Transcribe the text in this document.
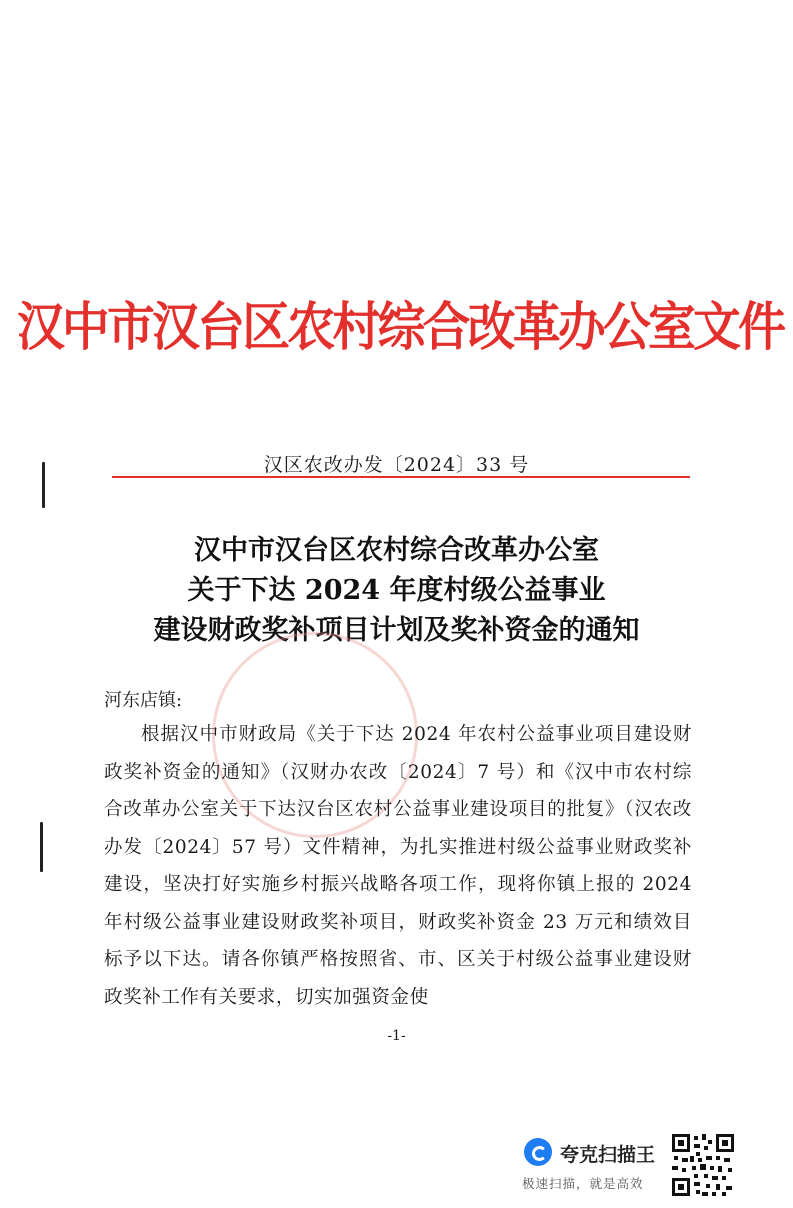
汉中市汉台区农村综合改革办公室文件
汉区农改办发〔2024〕33 号
汉中市汉台区农村综合改革办公室
关于下达 2024 年度村级公益事业
建设财政奖补项目计划及奖补资金的通知
河东店镇:
根据汉中市财政局《关于下达 2024 年农村公益事业项目建设财政奖补资金的通知》（汉财办农改〔2024〕7 号）和《汉中市农村综合改革办公室关于下达汉台区农村公益事业建设项目的批复》（汉农改办发〔2024〕57 号）文件精神，为扎实推进村级公益事业财政奖补建设，坚决打好实施乡村振兴战略各项工作，现将你镇上报的 2024 年村级公益事业建设财政奖补项目，财政奖补资金 23 万元和绩效目标予以下达。请各你镇严格按照省、市、区关于村级公益事业建设财政奖补工作有关要求，切实加强资金使
-1-
夸克扫描王
极速扫描，就是高效
